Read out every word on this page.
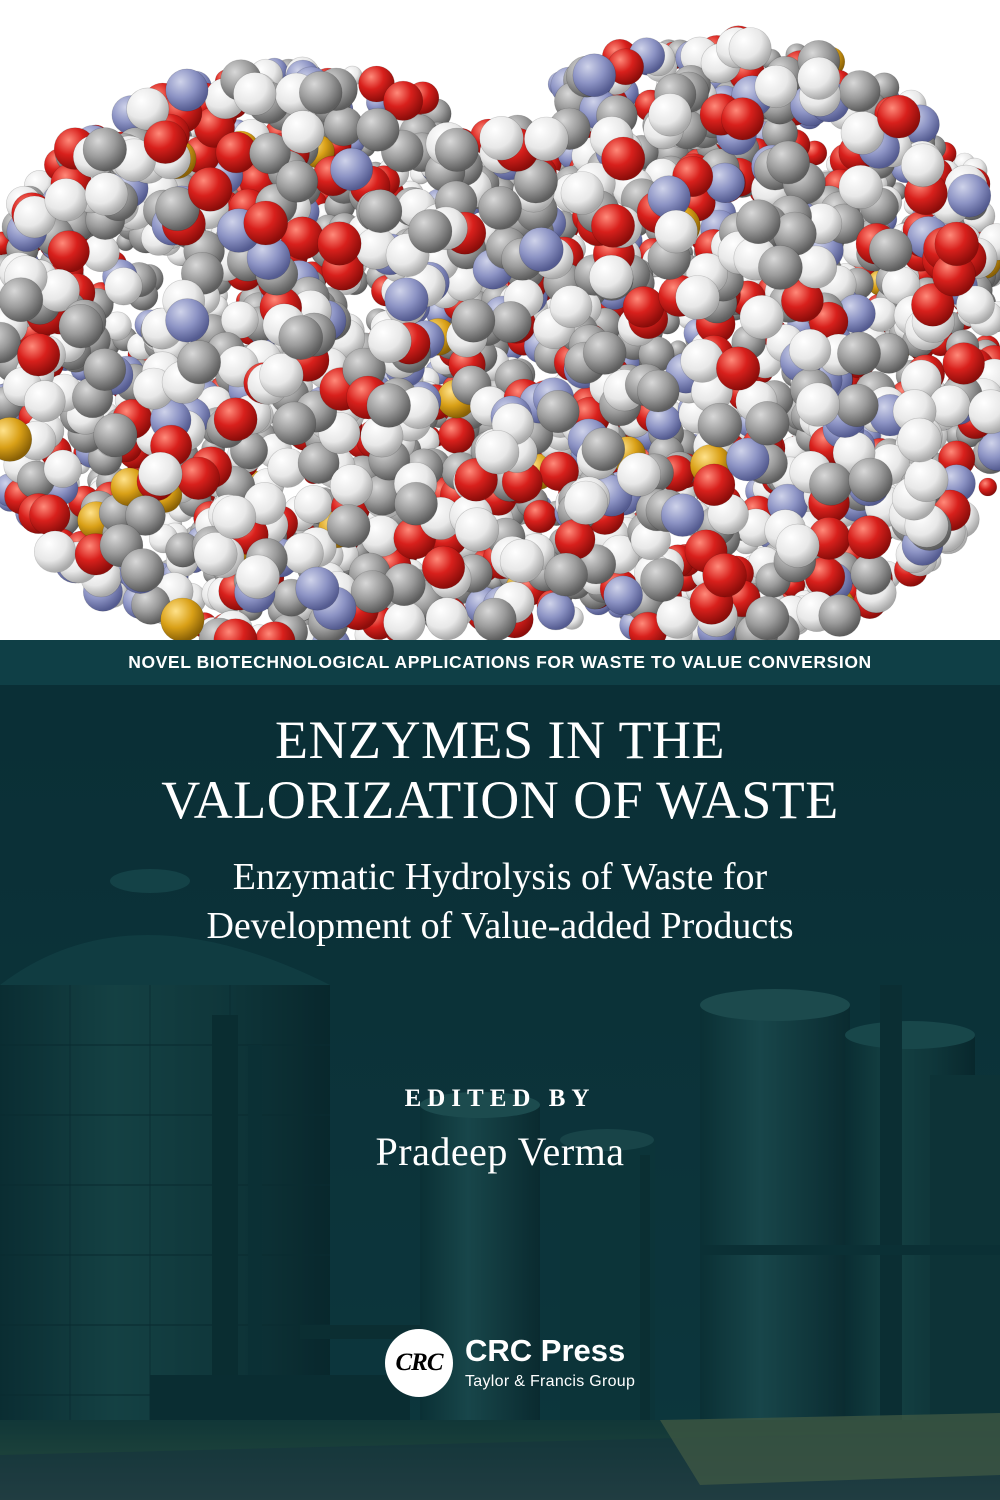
NOVEL BIOTECHNOLOGICAL APPLICATIONS FOR WASTE TO VALUE CONVERSION
ENZYMES IN THE
VALORIZATION OF WASTE

Enzymatic Hydrolysis of Waste for
Development of Value-added Products

EDITED BY
Pradeep Verma
CRC CRC Press
Taylor & Francis Group
